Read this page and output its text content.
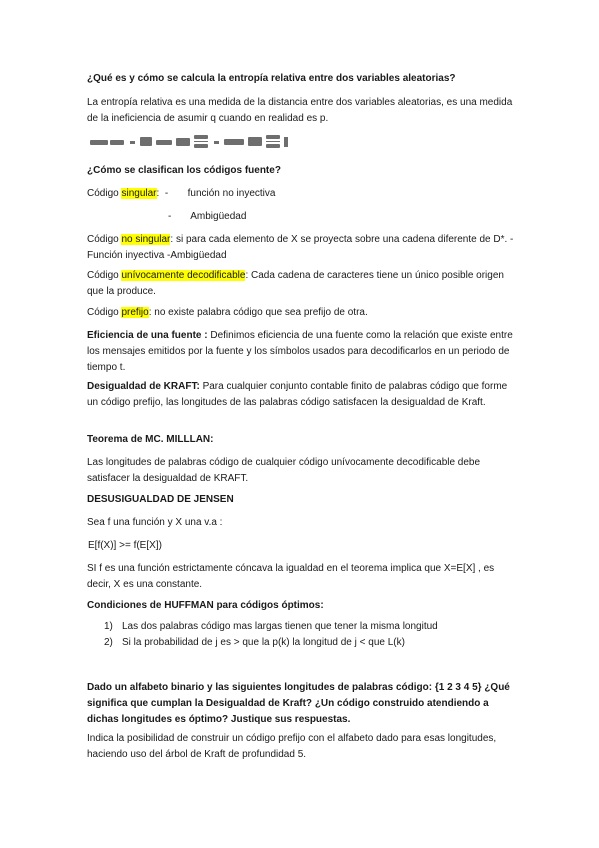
¿Qué es y cómo se calcula la entropía relativa entre dos variables aleatorias?
La entropía relativa es una medida de la distancia entre dos variables aleatorias, es una medida de la ineficiencia de asumir q cuando en realidad es p.
¿Cómo se clasifican los códigos fuente?
Código singular:  -       función no inyectiva
-       Ambigüedad
Código no singular: si para cada elemento de X se proyecta sobre una cadena diferente de D*. -Función inyectiva -Ambigüedad
Código unívocamente decodificable: Cada cadena de caracteres tiene un único posible origen que la produce.
Código prefijo: no existe palabra código que sea prefijo de otra.
Eficiencia de una fuente : Definimos eficiencia de una fuente como la relación que existe entre los mensajes emitidos por la fuente y los símbolos usados para decodificarlos en un periodo de tiempo t.
Desigualdad de KRAFT: Para cualquier conjunto contable finito de palabras código que forme un código prefijo, las longitudes de las palabras código satisfacen la desigualdad de Kraft.
Teorema de MC. MILLLAN:
Las longitudes de palabras código de cualquier código unívocamente decodificable debe satisfacer la desigualdad de KRAFT.
DESUSIGUALDAD DE JENSEN
Sea f una función y X una v.a :
E[f(X)] >= f(E[X])
SI f es una función estrictamente cóncava la igualdad en el teorema implica que X=E[X] , es decir, X es una constante.
Condiciones de HUFFMAN para códigos óptimos:
1) Las dos palabras código mas largas tienen que tener la misma longitud
2) Si la probabilidad de j es > que la p(k) la longitud de j < que L(k)
Dado un alfabeto binario y las siguientes longitudes de palabras código: {1 2 3 4 5} ¿Qué significa que cumplan la Desigualdad de Kraft? ¿Un código construido atendiendo a dichas longitudes es óptimo? Justique sus respuestas.
Indica la posibilidad de construir un código prefijo con el alfabeto dado para esas longitudes, haciendo uso del árbol de Kraft de profundidad 5.
